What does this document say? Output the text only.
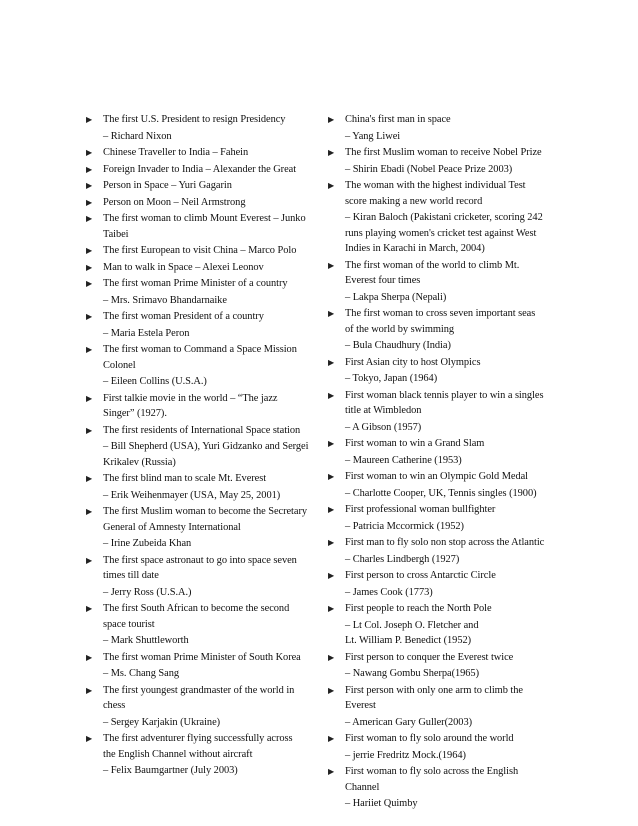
▶	The first U.S. President to resign Presidency
– Richard Nixon
▶	Chinese Traveller to India – Fahein
▶	Foreign Invader to India – Alexander the Great
▶	Person in Space – Yuri Gagarin
▶	Person on Moon – Neil Armstrong
▶	The first woman to climb Mount Everest – Junko
Taibei
▶	The first European to visit China – Marco Polo
▶	Man to walk in Space – Alexei Leonov
▶	The first woman Prime Minister of a country
– Mrs. Srimavo Bhandarnaike
▶	The first woman President of a country
– Maria Estela Peron
▶	The first woman to Command a Space Mission
Colonel
– Eileen Collins (U.S.A.)
▶	First talkie movie in the world – “The jazz
Singer” (1927).
▶	The first residents of International Space station
– Bill Shepherd (USA), Yuri Gidzanko and Sergei
Krikalev (Russia)
▶	The first blind man to scale Mt. Everest
– Erik Weihenmayer (USA, May 25, 2001)
▶	The first Muslim woman to become the Secretary
General of Amnesty International
– Irine Zubeida Khan
▶	The first space astronaut to go into space seven
times till date
– Jerry Ross (U.S.A.)
▶	The first South African to become the second
space tourist
– Mark Shuttleworth
▶	The first woman Prime Minister of South Korea
– Ms. Chang Sang
▶	The first youngest grandmaster of the world in
chess
– Sergey Karjakin (Ukraine)
▶	The first adventurer flying successfully across
the English Channel without aircraft
– Felix Baumgartner (July 2003)
▶	China's first man in space
– Yang Liwei
▶	The first Muslim woman to receive Nobel Prize
– Shirin Ebadi (Nobel Peace Prize 2003)
▶	The woman with the highest individual Test
score making a new world record
– Kiran Baloch (Pakistani cricketer, scoring 242
runs playing women's cricket test against West
Indies in Karachi in March, 2004)
▶	The first woman of the world to climb Mt.
Everest four times
– Lakpa Sherpa (Nepali)
▶	The first woman to cross seven important seas
of the world by swimming
– Bula Chaudhury (India)
▶	First Asian city to host Olympics
– Tokyo, Japan (1964)
▶	First woman black tennis player to win a singles
title at Wimbledon
– A Gibson (1957)
▶	First woman to win a Grand Slam
– Maureen Catherine (1953)
▶	First woman to win an Olympic Gold Medal
– Charlotte Cooper, UK, Tennis singles (1900)
▶	First professional woman bullfighter
– Patricia Mccormick (1952)
▶	First man to fly solo non stop across the Atlantic
– Charles Lindbergh (1927)
▶	First person to cross Antarctic Circle
– James Cook (1773)
▶	First people to reach the North Pole
– Lt Col. Joseph O. Fletcher and
Lt. William P. Benedict (1952)
▶	First person to conquer the Everest twice
– Nawang Gombu Sherpa(1965)
▶	First person with only one arm to climb the
Everest
– American Gary Guller(2003)
▶	First woman to fly solo around the world
– jerrie Fredritz Mock.(1964)
▶	First woman to fly solo across the English
Channel
– Hariiet Quimby
